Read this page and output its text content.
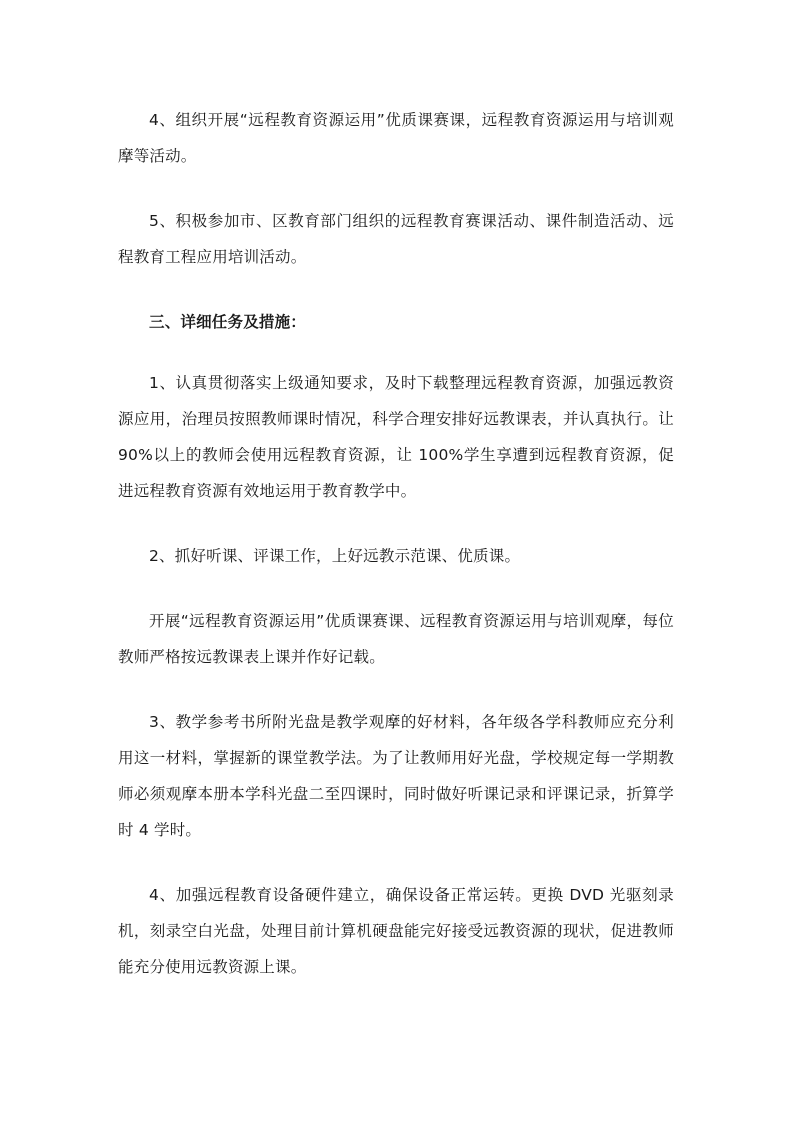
4、组织开展“远程教育资源运用”优质课赛课，远程教育资源运用与培训观摩等活动。

5、积极参加市、区教育部门组织的远程教育赛课活动、课件制造活动、远程教育工程应用培训活动。

三、详细任务及措施：

1、认真贯彻落实上级通知要求，及时下载整理远程教育资源，加强远教资源应用，治理员按照教师课时情况，科学合理安排好远教课表，并认真执行。让90%以上的教师会使用远程教育资源，让 100%学生享遭到远程教育资源，促进远程教育资源有效地运用于教育教学中。

2、抓好听课、评课工作，上好远教示范课、优质课。

开展“远程教育资源运用”优质课赛课、远程教育资源运用与培训观摩，每位教师严格按远教课表上课并作好记载。

3、教学参考书所附光盘是教学观摩的好材料，各年级各学科教师应充分利用这一材料，掌握新的课堂教学法。为了让教师用好光盘，学校规定每一学期教师必须观摩本册本学科光盘二至四课时，同时做好听课记录和评课记录，折算学时 4 学时。

4、加强远程教育设备硬件建立，确保设备正常运转。更换 DVD 光驱刻录机，刻录空白光盘，处理目前计算机硬盘能完好接受远教资源的现状，促进教师能充分使用远教资源上课。
